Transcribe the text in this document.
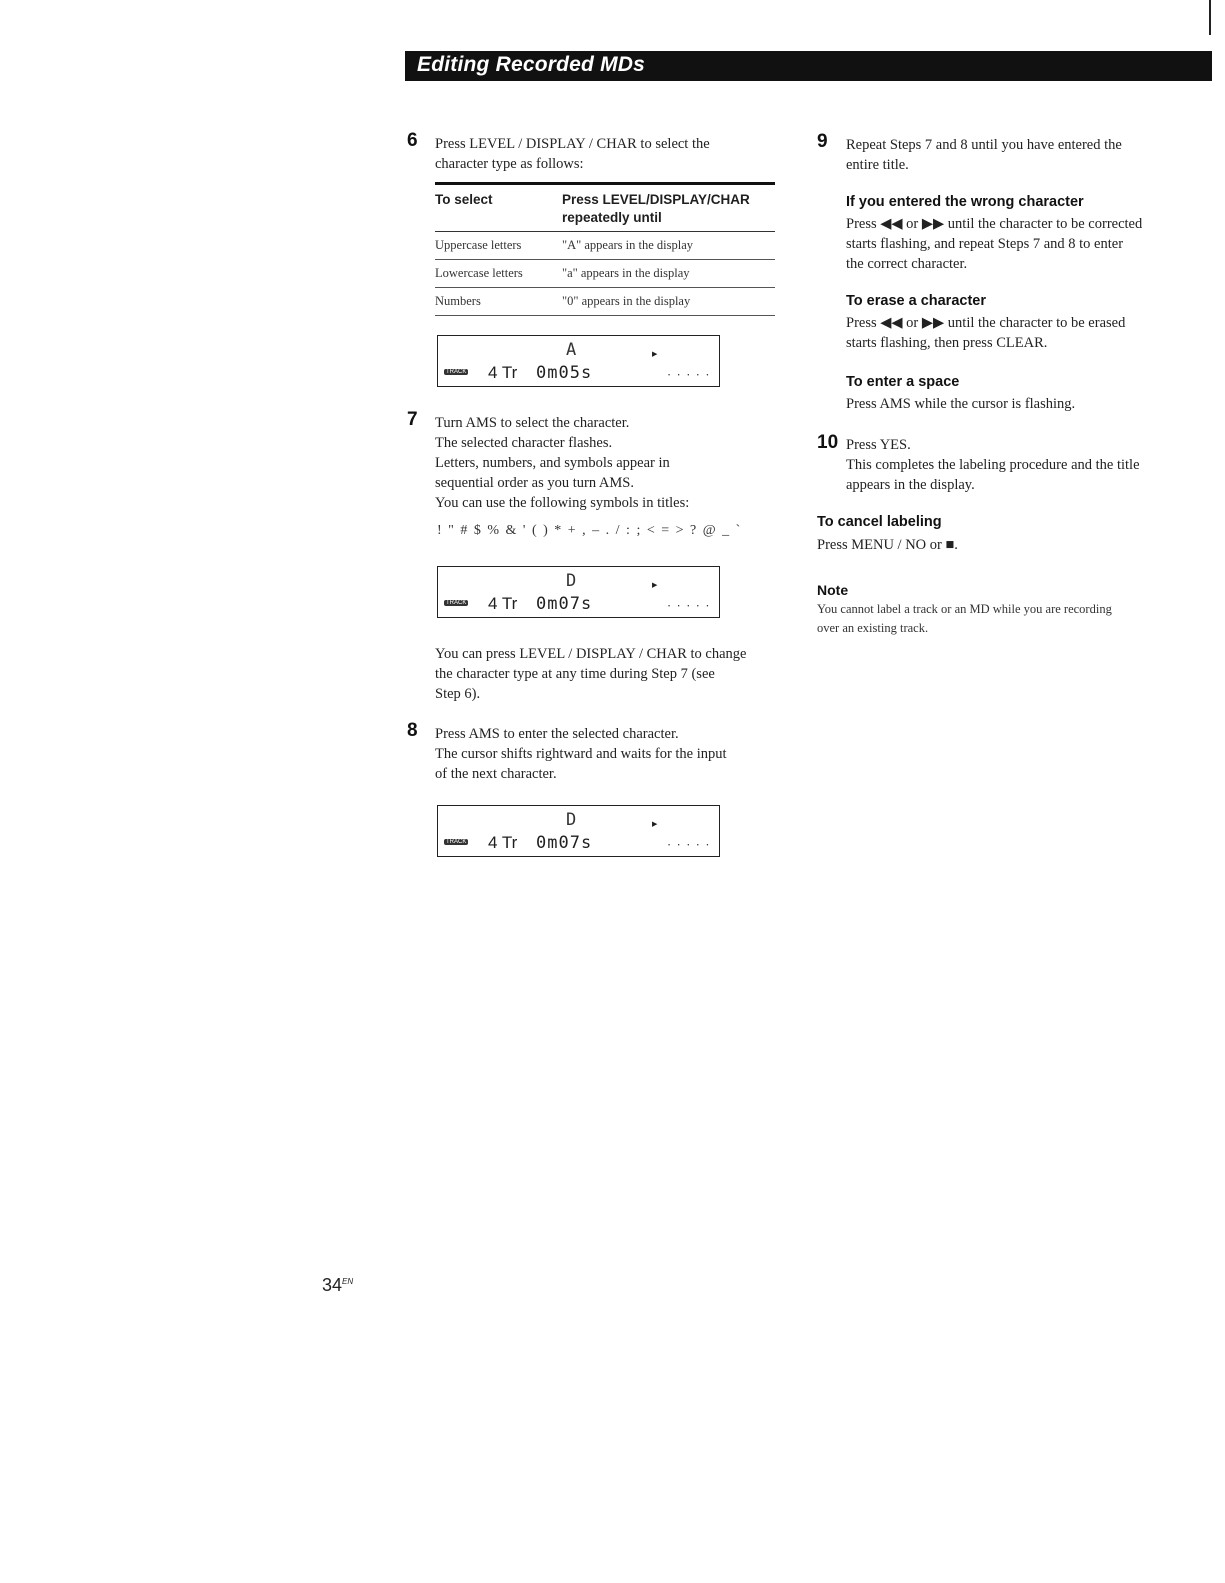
Editing Recorded MDs
6 Press LEVEL / DISPLAY / CHAR to select the
character type as follows:
To select	Press LEVEL/DISPLAY/CHAR
repeatedly until
Uppercase letters	"A" appears in the display
Lowercase letters	"a" appears in the display
Numbers	"0" appears in the display
TRACK 4 Tr 0m05s
A	▶
• • • • •
7 Turn AMS to select the character.
The selected character flashes.
Letters, numbers, and symbols appear in
sequential order as you turn AMS.
You can use the following symbols in titles:
! " # $ % & ' ( ) * + , – . / : ; < = > ? @ _ `
TRACK 4 Tr 0m07s
D	▶
• • • • •
You can press LEVEL / DISPLAY / CHAR to change
the character type at any time during Step 7 (see
Step 6).
8 Press AMS to enter the selected character.
The cursor shifts rightward and waits for the input
of the next character.
TRACK 4 Tr 0m07s
D	▶
• • • • •
9 Repeat Steps 7 and 8 until you have entered the
entire title.
If you entered the wrong character
Press ◀◀ or ▶▶ until the character to be corrected
starts flashing, and repeat Steps 7 and 8 to enter
the correct character.
To erase a character
Press ◀◀ or ▶▶ until the character to be erased
starts flashing, then press CLEAR.
To enter a space
Press AMS while the cursor is flashing.
10 Press YES.
This completes the labeling procedure and the title
appears in the display.
To cancel labeling
Press MENU / NO or ■.
Note
You cannot label a track or an MD while you are recording
over an existing track.
$34^{EN}$
